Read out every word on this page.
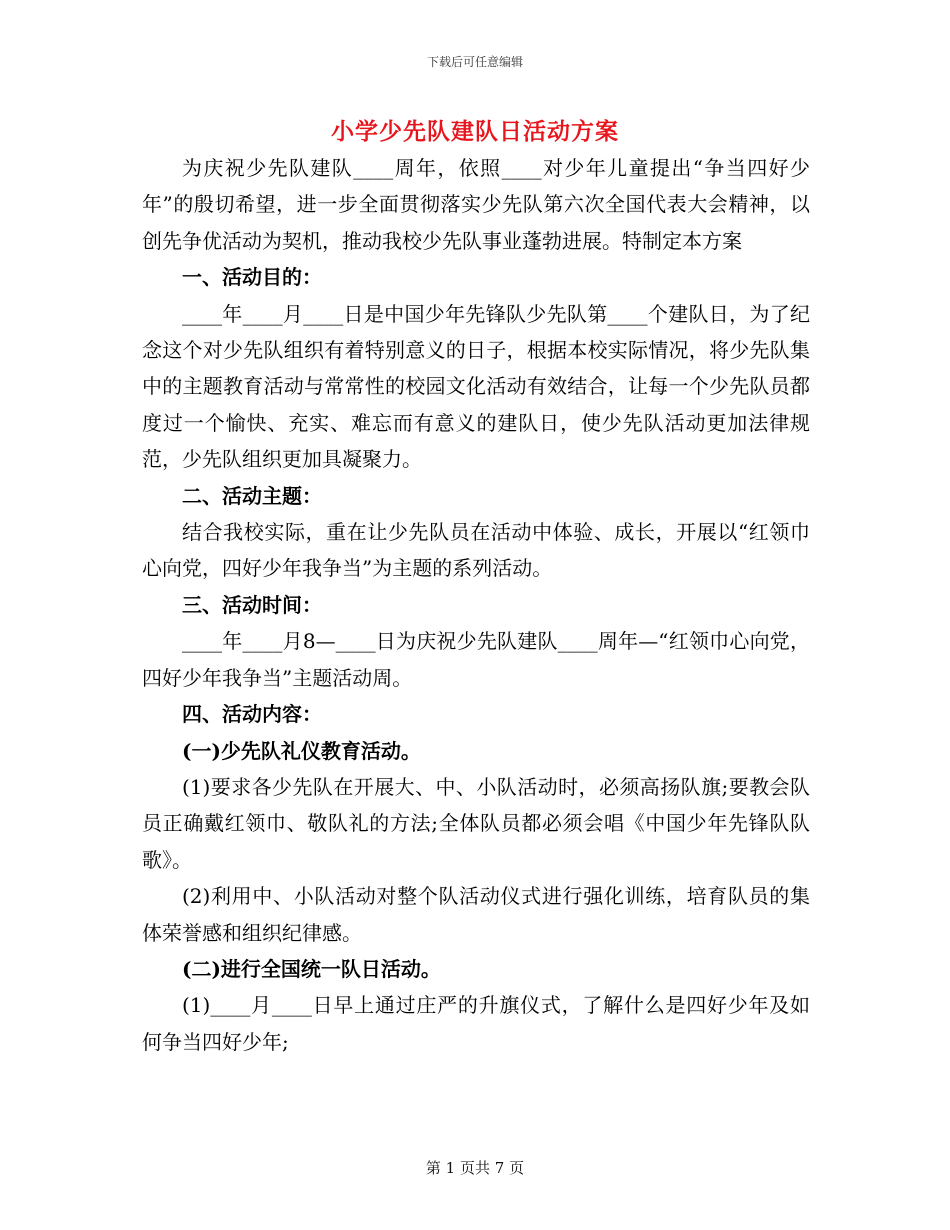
下载后可任意编辑
小学少先队建队日活动方案

为庆祝少先队建队____周年，依照____对少年儿童提出“争当四好少年”的殷切希望，进一步全面贯彻落实少先队第六次全国代表大会精神，以创先争优活动为契机，推动我校少先队事业蓬勃进展。特制定本方案

一、活动目的：

____年____月____日是中国少年先锋队少先队第____个建队日，为了纪念这个对少先队组织有着特别意义的日子，根据本校实际情况，将少先队集中的主题教育活动与常常性的校园文化活动有效结合，让每一个少先队员都度过一个愉快、充实、难忘而有意义的建队日，使少先队活动更加法律规范，少先队组织更加具凝聚力。

二、活动主题：

结合我校实际，重在让少先队员在活动中体验、成长，开展以“红领巾心向党，四好少年我争当”为主题的系列活动。

三、活动时间：

____年____月8—____日为庆祝少先队建队____周年—“红领巾心向党，四好少年我争当”主题活动周。

四、活动内容：

(一)少先队礼仪教育活动。

(1)要求各少先队在开展大、中、小队活动时，必须高扬队旗;要教会队员正确戴红领巾、敬队礼的方法;全体队员都必须会唱《中国少年先锋队队歌》。

(2)利用中、小队活动对整个队活动仪式进行强化训练，培育队员的集体荣誉感和组织纪律感。

(二)进行全国统一队日活动。

(1)____月____日早上通过庄严的升旗仪式，了解什么是四好少年及如何争当四好少年;

第 1 页共 7 页
